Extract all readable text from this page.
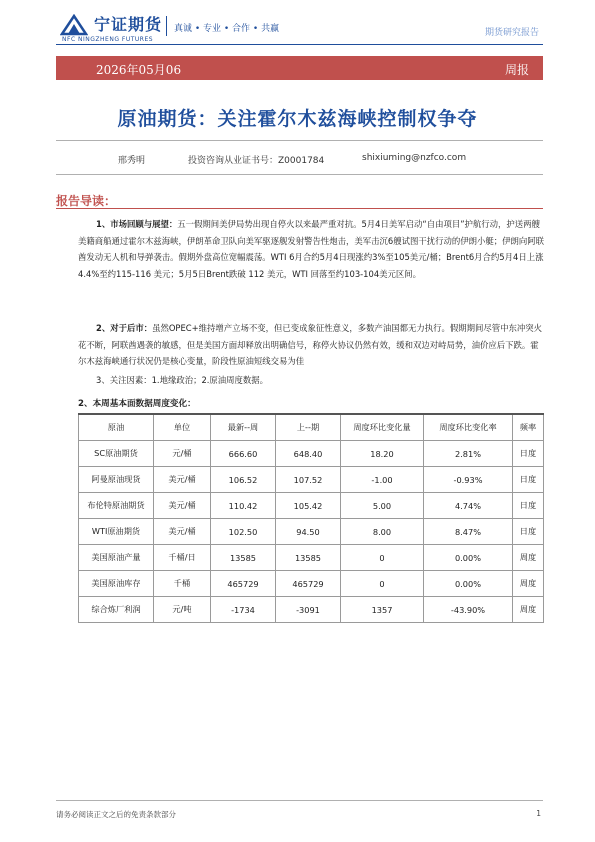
宁证期货
NFC NINGZHENG FUTURES
真诚 • 专业 • 合作 • 共赢	期货研究报告
2026年05月06	周报
原油期货：关注霍尔木兹海峡控制权争夺
邢秀明	投资咨询从业证书号：Z0001784	shixiuming@nzfco.com
报告导读：
1、市场回顾与展望：五一假期间美伊局势出现自停火以来最严重对抗。5月4日美军启动“自由项目”护航行动，护送两艘美籍商船通过霍尔木兹海峡，伊朗革命卫队向美军驱逐舰发射警告性炮击，美军击沉6艘试图干扰行动的伊朗小艇；伊朗向阿联酋发动无人机和导弹袭击。假期外盘高位宽幅震荡。WTI 6月合约5月4日现涨约3%至105美元/桶；Brent6月合约5月4日上涨4.4%至约115-116 美元；5月5日Brent跌破 112 美元，WTI 回落至约103-104美元区间。
2、对于后市：虽然OPEC+维持增产立场不变，但已变成象征性意义，多数产油国都无力执行。假期期间尽管中东冲突火花不断，阿联酋遇袭的敏感，但是美国方面却释放出明确信号，称停火协议仍然有效，缓和双边对峙局势，油价应后下跌。霍尔木兹海峡通行状况仍是核心变量，阶段性原油短线交易为佳
3、关注因素：1.地缘政治；2.原油周度数据。
2、本周基本面数据周度变化：
原油	单位	最新--周	上--期	周度环比变化量	周度环比变化率	频率
SC原油期货	元/桶	666.60	648.40	18.20	2.81%	日度
阿曼原油现货	美元/桶	106.52	107.52	-1.00	-0.93%	日度
布伦特原油期货	美元/桶	110.42	105.42	5.00	4.74%	日度
WTI原油期货	美元/桶	102.50	94.50	8.00	8.47%	日度
美国原油产量	千桶/日	13585	13585	0	0.00%	周度
美国原油库存	千桶	465729	465729	0	0.00%	周度
综合炼厂利润	元/吨	-1734	-3091	1357	-43.90%	周度
请务必阅读正文之后的免责条款部分	1
